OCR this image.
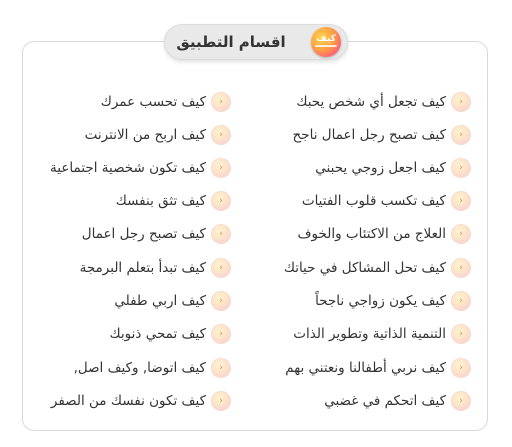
اقسام التطبيق	كيف
‹
كيف تجعل أي شخص يحبك
‹
كيف تصبح رجل اعمال ناجح
‹
كيف اجعل زوجي يحبني
‹
كيف تكسب قلوب الفتيات
‹
العلاج من الاكتئاب والخوف
‹
كيف تحل المشاكل في حياتك
‹
كيف يكون زواجي ناجحاً
‹
التنمية الذاتية وتطوير الذات
‹
كيف نربي أطفالنا ونعتني بهم
‹
كيف اتحكم في غضبي
‹
كيف تحسب عمرك
‹
كيف اربح من الانترنت
‹
كيف تكون شخصية اجتماعية
‹
كيف تثق بنفسك
‹
كيف تصبح رجل اعمال
‹
كيف تبدأ بتعلم البرمجة
‹
كيف اربي طفلي
‹
كيف تمحي ذنوبك
‹
كيف اتوضا, وكيف اصل,
‹
كيف تكون نفسك من الصفر
